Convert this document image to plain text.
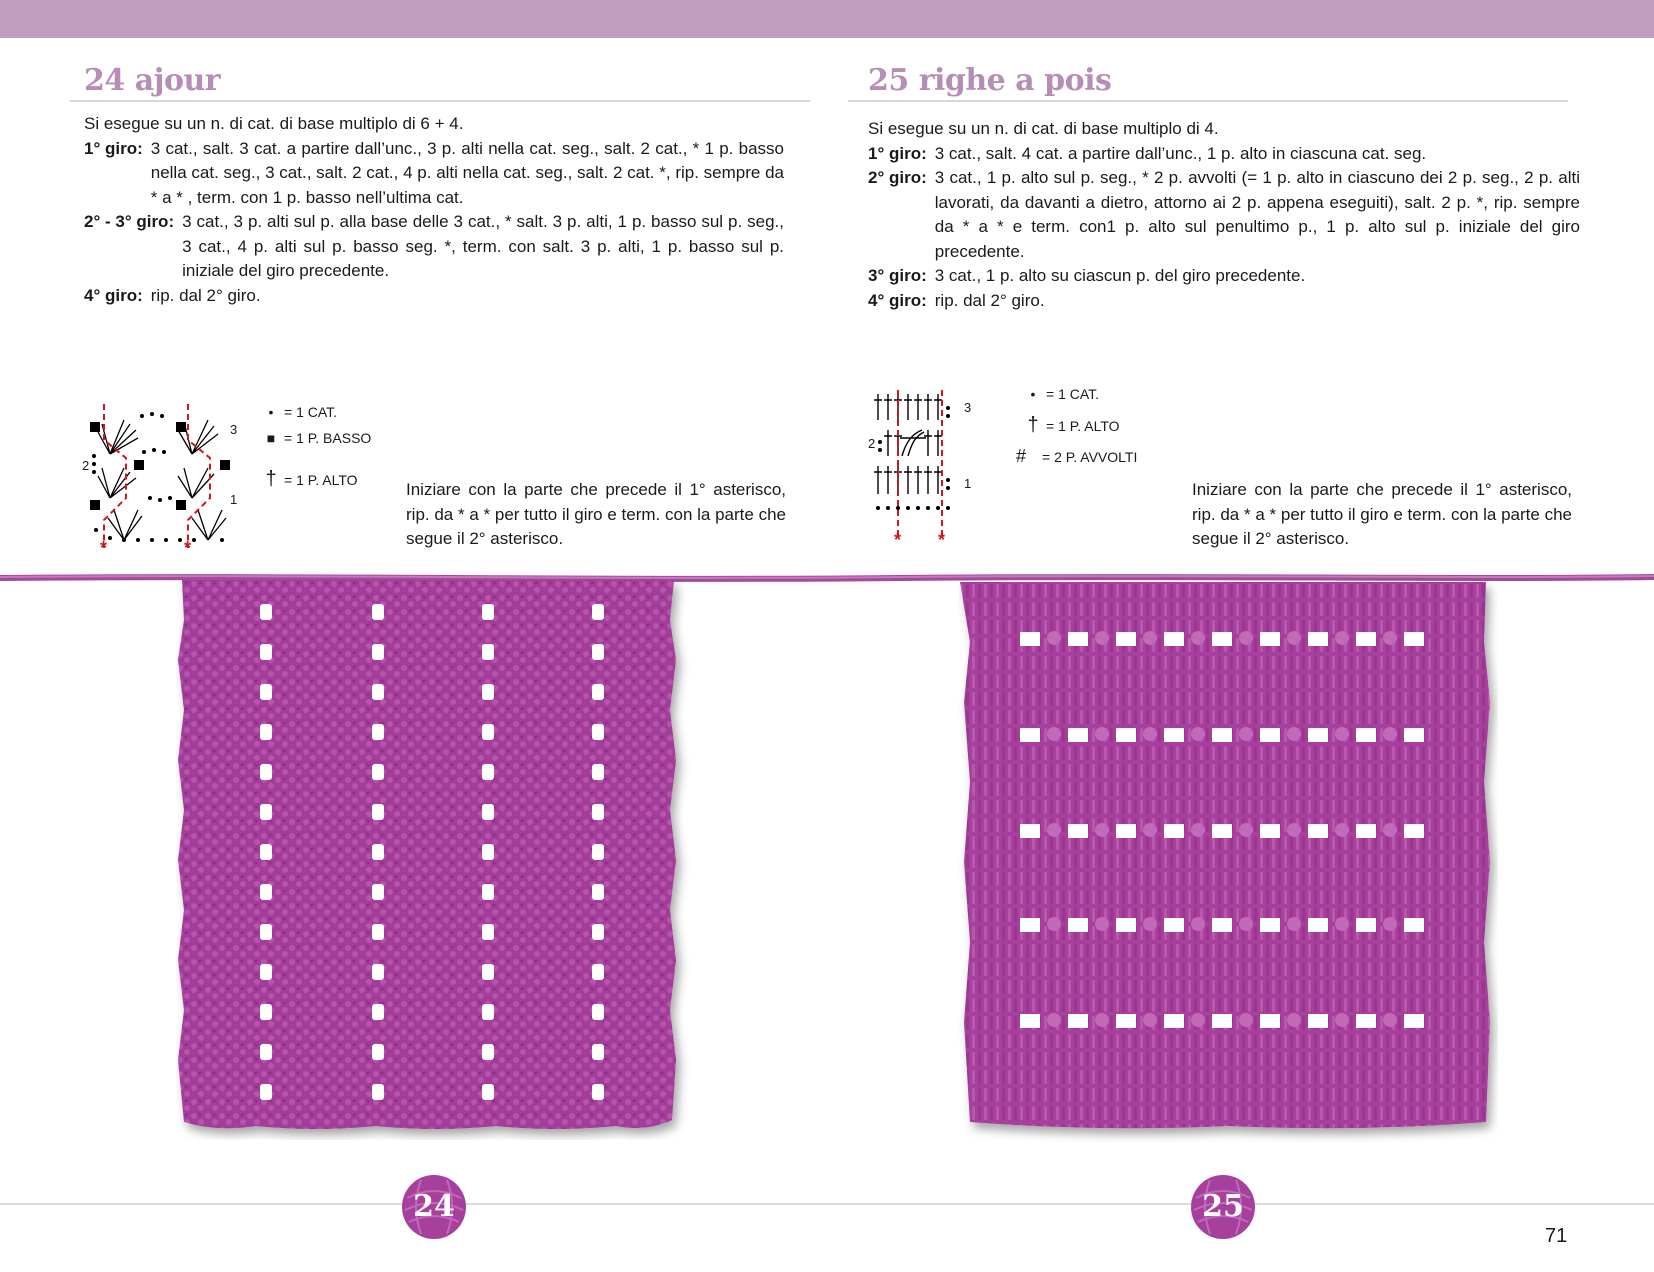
24 ajour

Si esegue su un n. di cat. di base multiplo di 6 + 4.

1° giro: 3 cat., salt. 3 cat. a partire dall’unc., 3 p. alti nella cat. seg., salt. 2 cat., * 1 p. basso nella cat. seg., 3 cat., salt. 2 cat., 4 p. alti nella cat. seg., salt. 2 cat. *, rip. sempre da * a * , term. con 1 p. basso nell’ultima cat.
2° - 3° giro: 3 cat., 3 p. alti sul p. alla base delle 3 cat., * salt. 3 p. alti, 1 p. basso sul p. seg., 3 cat., 4 p. alti sul p. basso seg. *, term. con salt. 3 p. alti, 1 p. basso sul p. iniziale del giro precedente.
4° giro: rip. dal 2° giro.
3
2
1
*	*
• = 1 CAT.
■ = 1 P. BASSO
† = 1 P. ALTO
Iniziare con la parte che precede il 1° asterisco, rip. da * a * per tutto il giro e term. con la parte che segue il 2° asterisco.
25 righe a pois

Si esegue su un n. di cat. di base multiplo di 4.

1° giro: 3 cat., salt. 4 cat. a partire dall’unc., 1 p. alto in ciascuna cat. seg.
2° giro: 3 cat., 1 p. alto sul p. seg., * 2 p. avvolti (= 1 p. alto in ciascuno dei 2 p. seg., 2 p. alti lavorati, da davanti a dietro, attorno ai 2 p. appena eseguiti), salt. 2 p. *, rip. sempre da * a * e term. con1 p. alto sul penultimo p., 1 p. alto sul p. iniziale del giro precedente.
3° giro: 3 cat., 1 p. alto su ciascun p. del giro precedente.
4° giro: rip. dal 2° giro.
3
2
1
* *
• = 1 CAT.
† = 1 P. ALTO
#	= 2 P. AVVOLTI
Iniziare con la parte che precede il 1° asterisco, rip. da * a * per tutto il giro e term. con la parte che segue il 2° asterisco.
24	25
71
